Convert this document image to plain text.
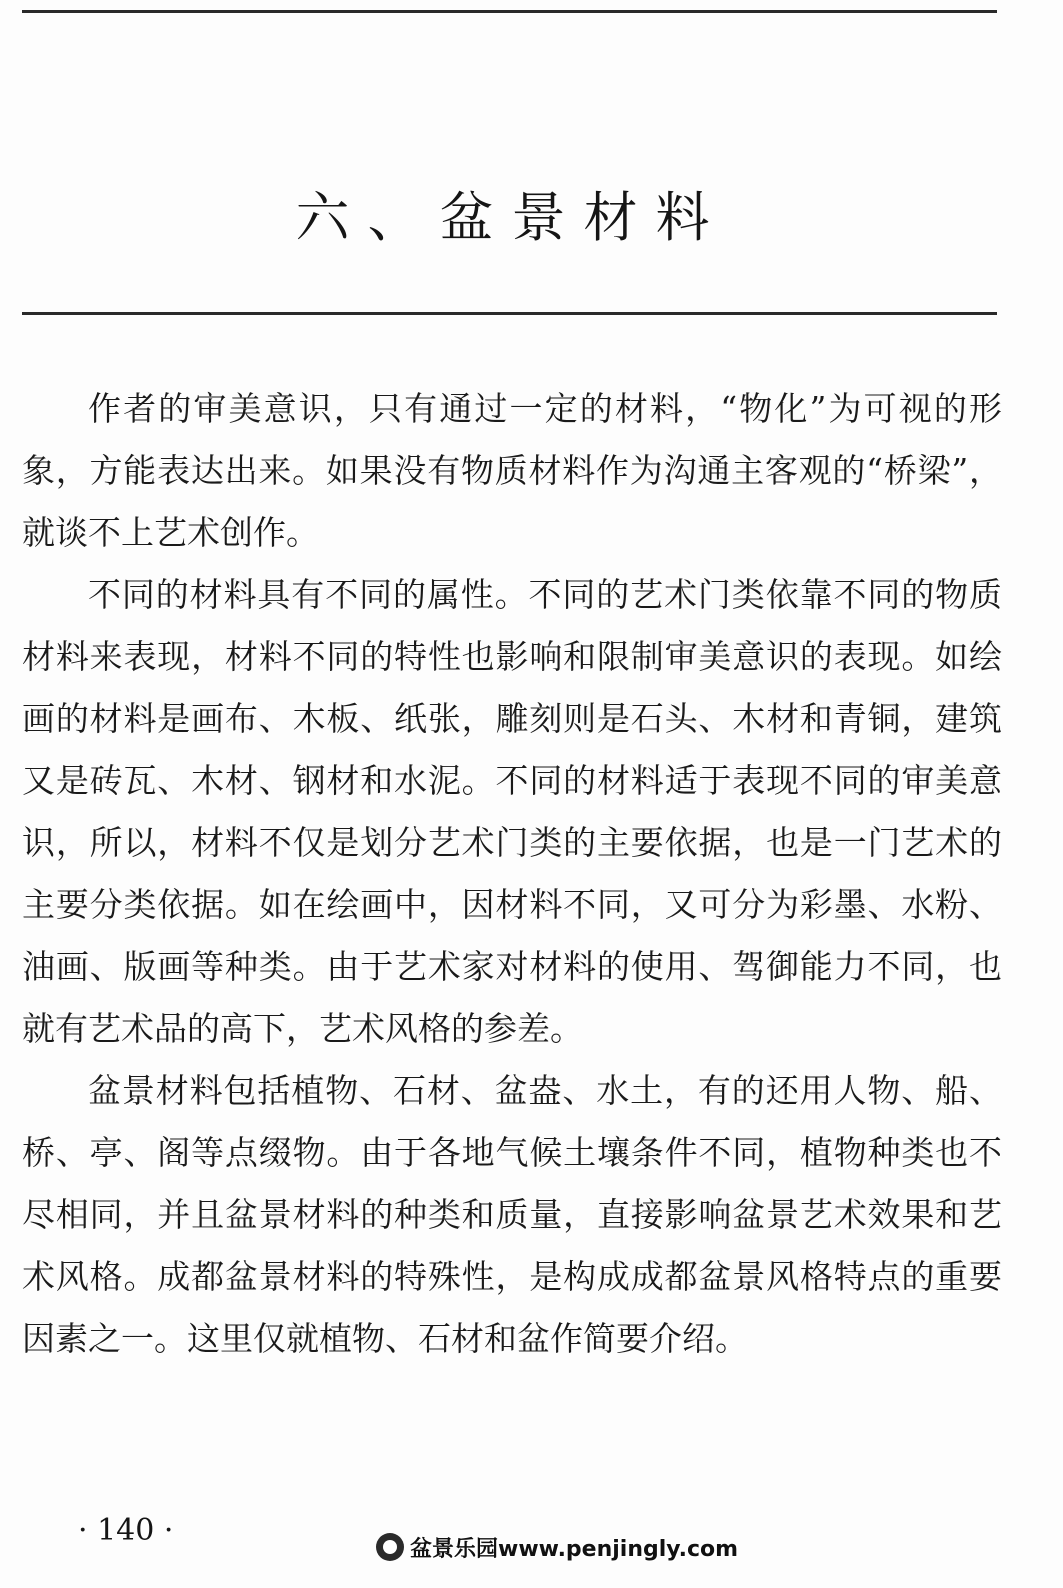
六、盆景材料

作者的审美意识，只有通过一定的材料，“物化”为可视的形象，方能表达出来。如果没有物质材料作为沟通主客观的“桥梁”，就谈不上艺术创作。

不同的材料具有不同的属性。不同的艺术门类依靠不同的物质材料来表现，材料不同的特性也影响和限制审美意识的表现。如绘画的材料是画布、木板、纸张，雕刻则是石头、木材和青铜，建筑又是砖瓦、木材、钢材和水泥。不同的材料适于表现不同的审美意识，所以，材料不仅是划分艺术门类的主要依据，也是一门艺术的主要分类依据。如在绘画中，因材料不同，又可分为彩墨、水粉、油画、版画等种类。由于艺术家对材料的使用、驾御能力不同，也就有艺术品的高下，艺术风格的参差。

盆景材料包括植物、石材、盆盎、水土，有的还用人物、船、桥、亭、阁等点缀物。由于各地气候土壤条件不同，植物种类也不尽相同，并且盆景材料的种类和质量，直接影响盆景艺术效果和艺术风格。成都盆景材料的特殊性，是构成成都盆景风格特点的重要因素之一。这里仅就植物、石材和盆作简要介绍。

· 140 ·
盆景乐园www.penjingly.com
